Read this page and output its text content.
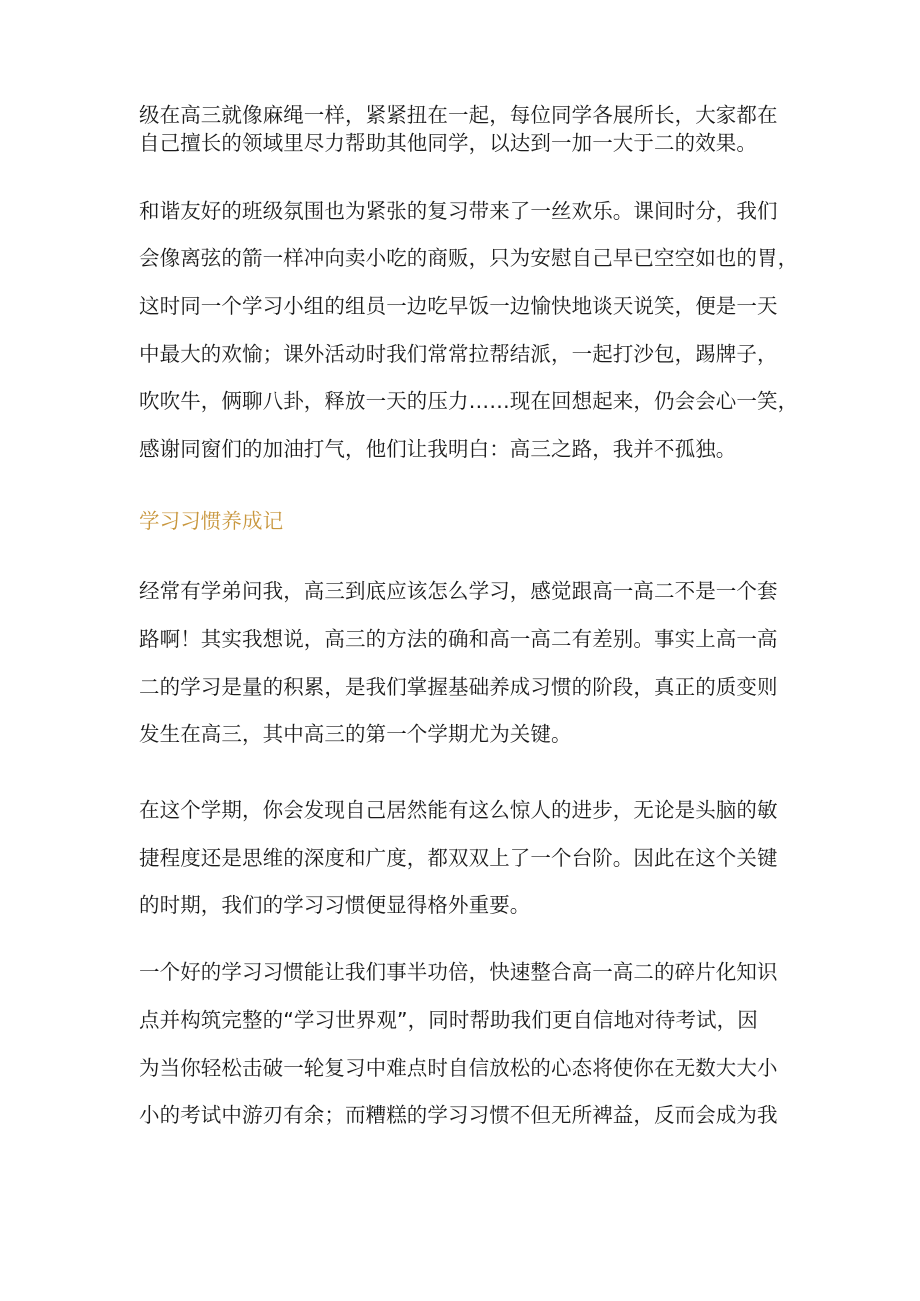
级在高三就像麻绳一样，紧紧扭在一起，每位同学各展所长，大家都在
自己擅长的领域里尽力帮助其他同学，以达到一加一大于二的效果。
和谐友好的班级氛围也为紧张的复习带来了一丝欢乐。课间时分，我们
会像离弦的箭一样冲向卖小吃的商贩，只为安慰自己早已空空如也的胃，
这时同一个学习小组的组员一边吃早饭一边愉快地谈天说笑，便是一天
中最大的欢愉；课外活动时我们常常拉帮结派，一起打沙包，踢牌子，
吹吹牛，俩聊八卦，释放一天的压力……现在回想起来，仍会会心一笑，
感谢同窗们的加油打气，他们让我明白：高三之路，我并不孤独。
学习习惯养成记
经常有学弟问我，高三到底应该怎么学习，感觉跟高一高二不是一个套
路啊！其实我想说，高三的方法的确和高一高二有差别。事实上高一高
二的学习是量的积累，是我们掌握基础养成习惯的阶段，真正的质变则
发生在高三，其中高三的第一个学期尤为关键。
在这个学期，你会发现自己居然能有这么惊人的进步，无论是头脑的敏
捷程度还是思维的深度和广度，都双双上了一个台阶。因此在这个关键
的时期，我们的学习习惯便显得格外重要。
一个好的学习习惯能让我们事半功倍，快速整合高一高二的碎片化知识
点并构筑完整的“学习世界观”，同时帮助我们更自信地对待考试，因
为当你轻松击破一轮复习中难点时自信放松的心态将使你在无数大大小
小的考试中游刃有余；而糟糕的学习习惯不但无所裨益，反而会成为我
